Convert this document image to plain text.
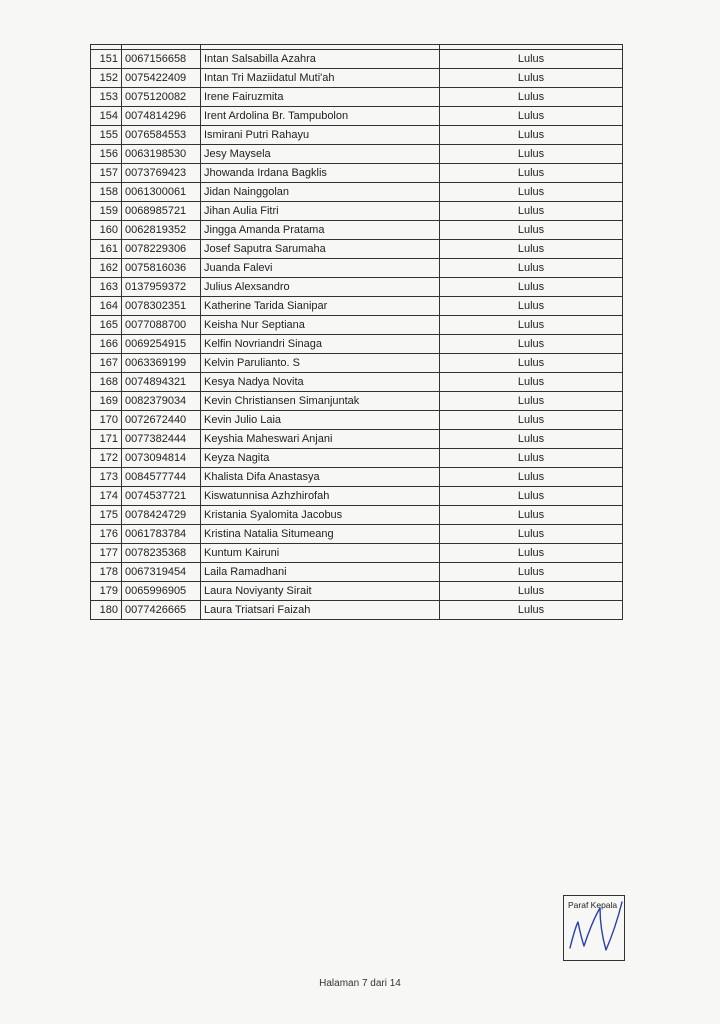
151	0067156658	Intan Salsabilla Azahra	Lulus
152	0075422409	Intan Tri Maziidatul Muti'ah	Lulus
153	0075120082	Irene Fairuzmita	Lulus
154	0074814296	Irent Ardolina Br. Tampubolon	Lulus
155	0076584553	Ismirani Putri Rahayu	Lulus
156	0063198530	Jesy Maysela	Lulus
157	0073769423	Jhowanda Irdana Bagklis	Lulus
158	0061300061	Jidan Nainggolan	Lulus
159	0068985721	Jihan Aulia Fitri	Lulus
160	0062819352	Jingga Amanda Pratama	Lulus
161	0078229306	Josef Saputra Sarumaha	Lulus
162	0075816036	Juanda Falevi	Lulus
163	0137959372	Julius Alexsandro	Lulus
164	0078302351	Katherine Tarida Sianipar	Lulus
165	0077088700	Keisha Nur Septiana	Lulus
166	0069254915	Kelfin Novriandri Sinaga	Lulus
167	0063369199	Kelvin Parulianto. S	Lulus
168	0074894321	Kesya Nadya Novita	Lulus
169	0082379034	Kevin Christiansen Simanjuntak	Lulus
170	0072672440	Kevin Julio Laia	Lulus
171	0077382444	Keyshia Maheswari Anjani	Lulus
172	0073094814	Keyza Nagita	Lulus
173	0084577744	Khalista Difa Anastasya	Lulus
174	0074537721	Kiswatunnisa Azhzhirofah	Lulus
175	0078424729	Kristania Syalomita Jacobus	Lulus
176	0061783784	Kristina Natalia Situmeang	Lulus
177	0078235368	Kuntum Kairuni	Lulus
178	0067319454	Laila Ramadhani	Lulus
179	0065996905	Laura Noviyanty Sirait	Lulus
180	0077426665	Laura Triatsari Faizah	Lulus
Paraf Kepala
Halaman 7 dari 14
